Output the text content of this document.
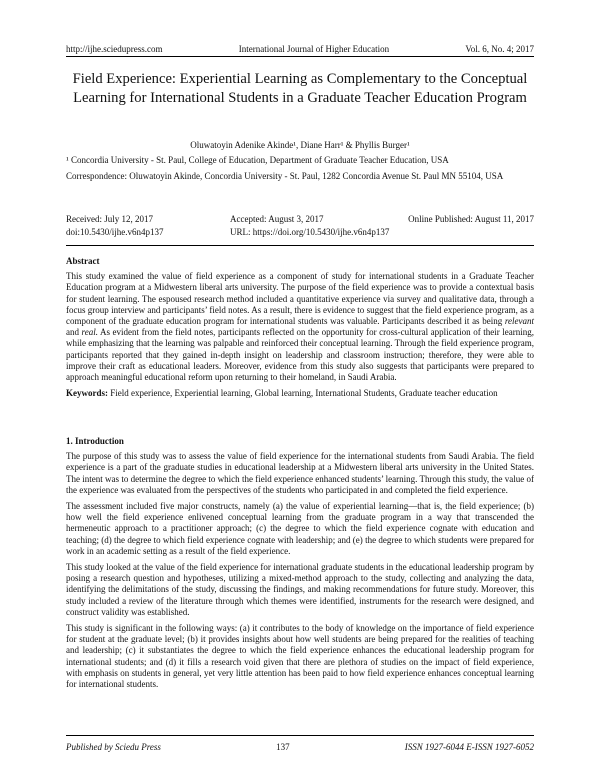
http://ijhe.sciedupress.com	International Journal of Higher Education	Vol. 6, No. 4; 2017
Field Experience: Experiential Learning as Complementary to the Conceptual Learning for International Students in a Graduate Teacher Education Program
Oluwatoyin Adenike Akinde¹, Diane Harr¹ & Phyllis Burger¹
¹ Concordia University - St. Paul, College of Education, Department of Graduate Teacher Education, USA
Correspondence: Oluwatoyin Akinde, Concordia University - St. Paul, 1282 Concordia Avenue St. Paul MN 55104, USA
Received: July 12, 2017	Accepted: August 3, 2017	Online Published: August 11, 2017
doi:10.5430/ijhe.v6n4p137	URL: https://doi.org/10.5430/ijhe.v6n4p137
Abstract

This study examined the value of field experience as a component of study for international students in a Graduate Teacher Education program at a Midwestern liberal arts university. The purpose of the field experience was to provide a contextual basis for student learning. The espoused research method included a quantitative experience via survey and qualitative data, through a focus group interview and participants’ field notes. As a result, there is evidence to suggest that the field experience program, as a component of the graduate education program for international students was valuable. Participants described it as being relevant and real. As evident from the field notes, participants reflected on the opportunity for cross-cultural application of their learning, while emphasizing that the learning was palpable and reinforced their conceptual learning. Through the field experience program, participants reported that they gained in-depth insight on leadership and classroom instruction; therefore, they were able to improve their craft as educational leaders. Moreover, evidence from this study also suggests that participants were prepared to approach meaningful educational reform upon returning to their homeland, in Saudi Arabia.

Keywords: Field experience, Experiential learning, Global learning, International Students, Graduate teacher education

1. Introduction

The purpose of this study was to assess the value of field experience for the international students from Saudi Arabia. The field experience is a part of the graduate studies in educational leadership at a Midwestern liberal arts university in the United States. The intent was to determine the degree to which the field experience enhanced students’ learning. Through this study, the value of the experience was evaluated from the perspectives of the students who participated in and completed the field experience.

The assessment included five major constructs, namely (a) the value of experiential learning—that is, the field experience; (b) how well the field experience enlivened conceptual learning from the graduate program in a way that transcended the hermeneutic approach to a practitioner approach; (c) the degree to which the field experience cognate with education and teaching; (d) the degree to which field experience cognate with leadership; and (e) the degree to which students were prepared for work in an academic setting as a result of the field experience.

This study looked at the value of the field experience for international graduate students in the educational leadership program by posing a research question and hypotheses, utilizing a mixed-method approach to the study, collecting and analyzing the data, identifying the delimitations of the study, discussing the findings, and making recommendations for future study. Moreover, this study included a review of the literature through which themes were identified, instruments for the research were designed, and construct validity was established.

This study is significant in the following ways: (a) it contributes to the body of knowledge on the importance of field experience for student at the graduate level; (b) it provides insights about how well students are being prepared for the realities of teaching and leadership; (c) it substantiates the degree to which the field experience enhances the educational leadership program for international students; and (d) it fills a research void given that there are plethora of studies on the impact of field experience, with emphasis on students in general, yet very little attention has been paid to how field experience enhances conceptual learning for international students.

Published by Sciedu Press	137	ISSN 1927-6044 E-ISSN 1927-6052
